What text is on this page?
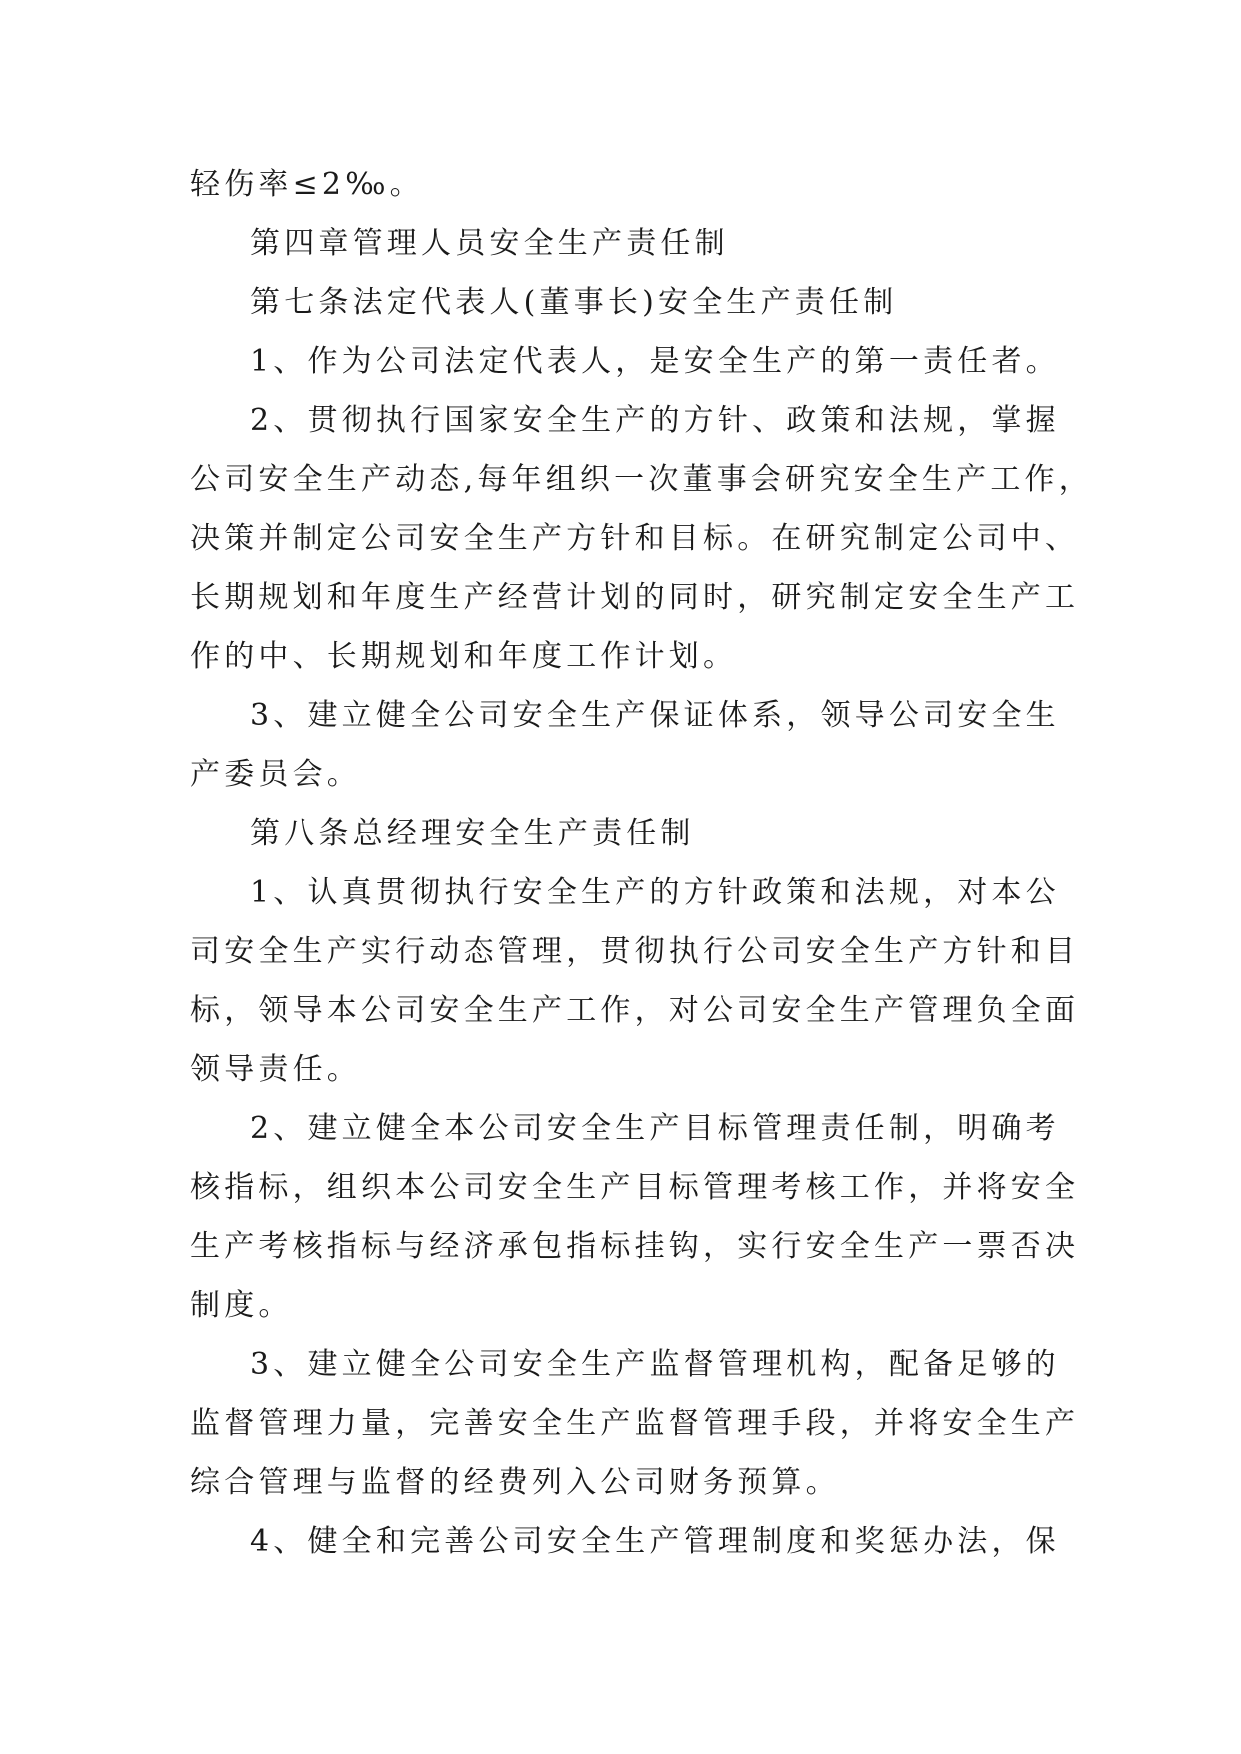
轻伤率≤2‰。
第四章管理人员安全生产责任制
第七条法定代表人(董事长)安全生产责任制
1、作为公司法定代表人，是安全生产的第一责任者。
2、贯彻执行国家安全生产的方针、政策和法规，掌握
公司安全生产动态,每年组织一次董事会研究安全生产工作，
决策并制定公司安全生产方针和目标。在研究制定公司中、
长期规划和年度生产经营计划的同时，研究制定安全生产工
作的中、长期规划和年度工作计划。
3、建立健全公司安全生产保证体系，领导公司安全生
产委员会。
第八条总经理安全生产责任制
1、认真贯彻执行安全生产的方针政策和法规，对本公
司安全生产实行动态管理，贯彻执行公司安全生产方针和目
标，领导本公司安全生产工作，对公司安全生产管理负全面
领导责任。
2、建立健全本公司安全生产目标管理责任制，明确考
核指标，组织本公司安全生产目标管理考核工作，并将安全
生产考核指标与经济承包指标挂钩，实行安全生产一票否决
制度。
3、建立健全公司安全生产监督管理机构，配备足够的
监督管理力量，完善安全生产监督管理手段，并将安全生产
综合管理与监督的经费列入公司财务预算。
4、健全和完善公司安全生产管理制度和奖惩办法，保
